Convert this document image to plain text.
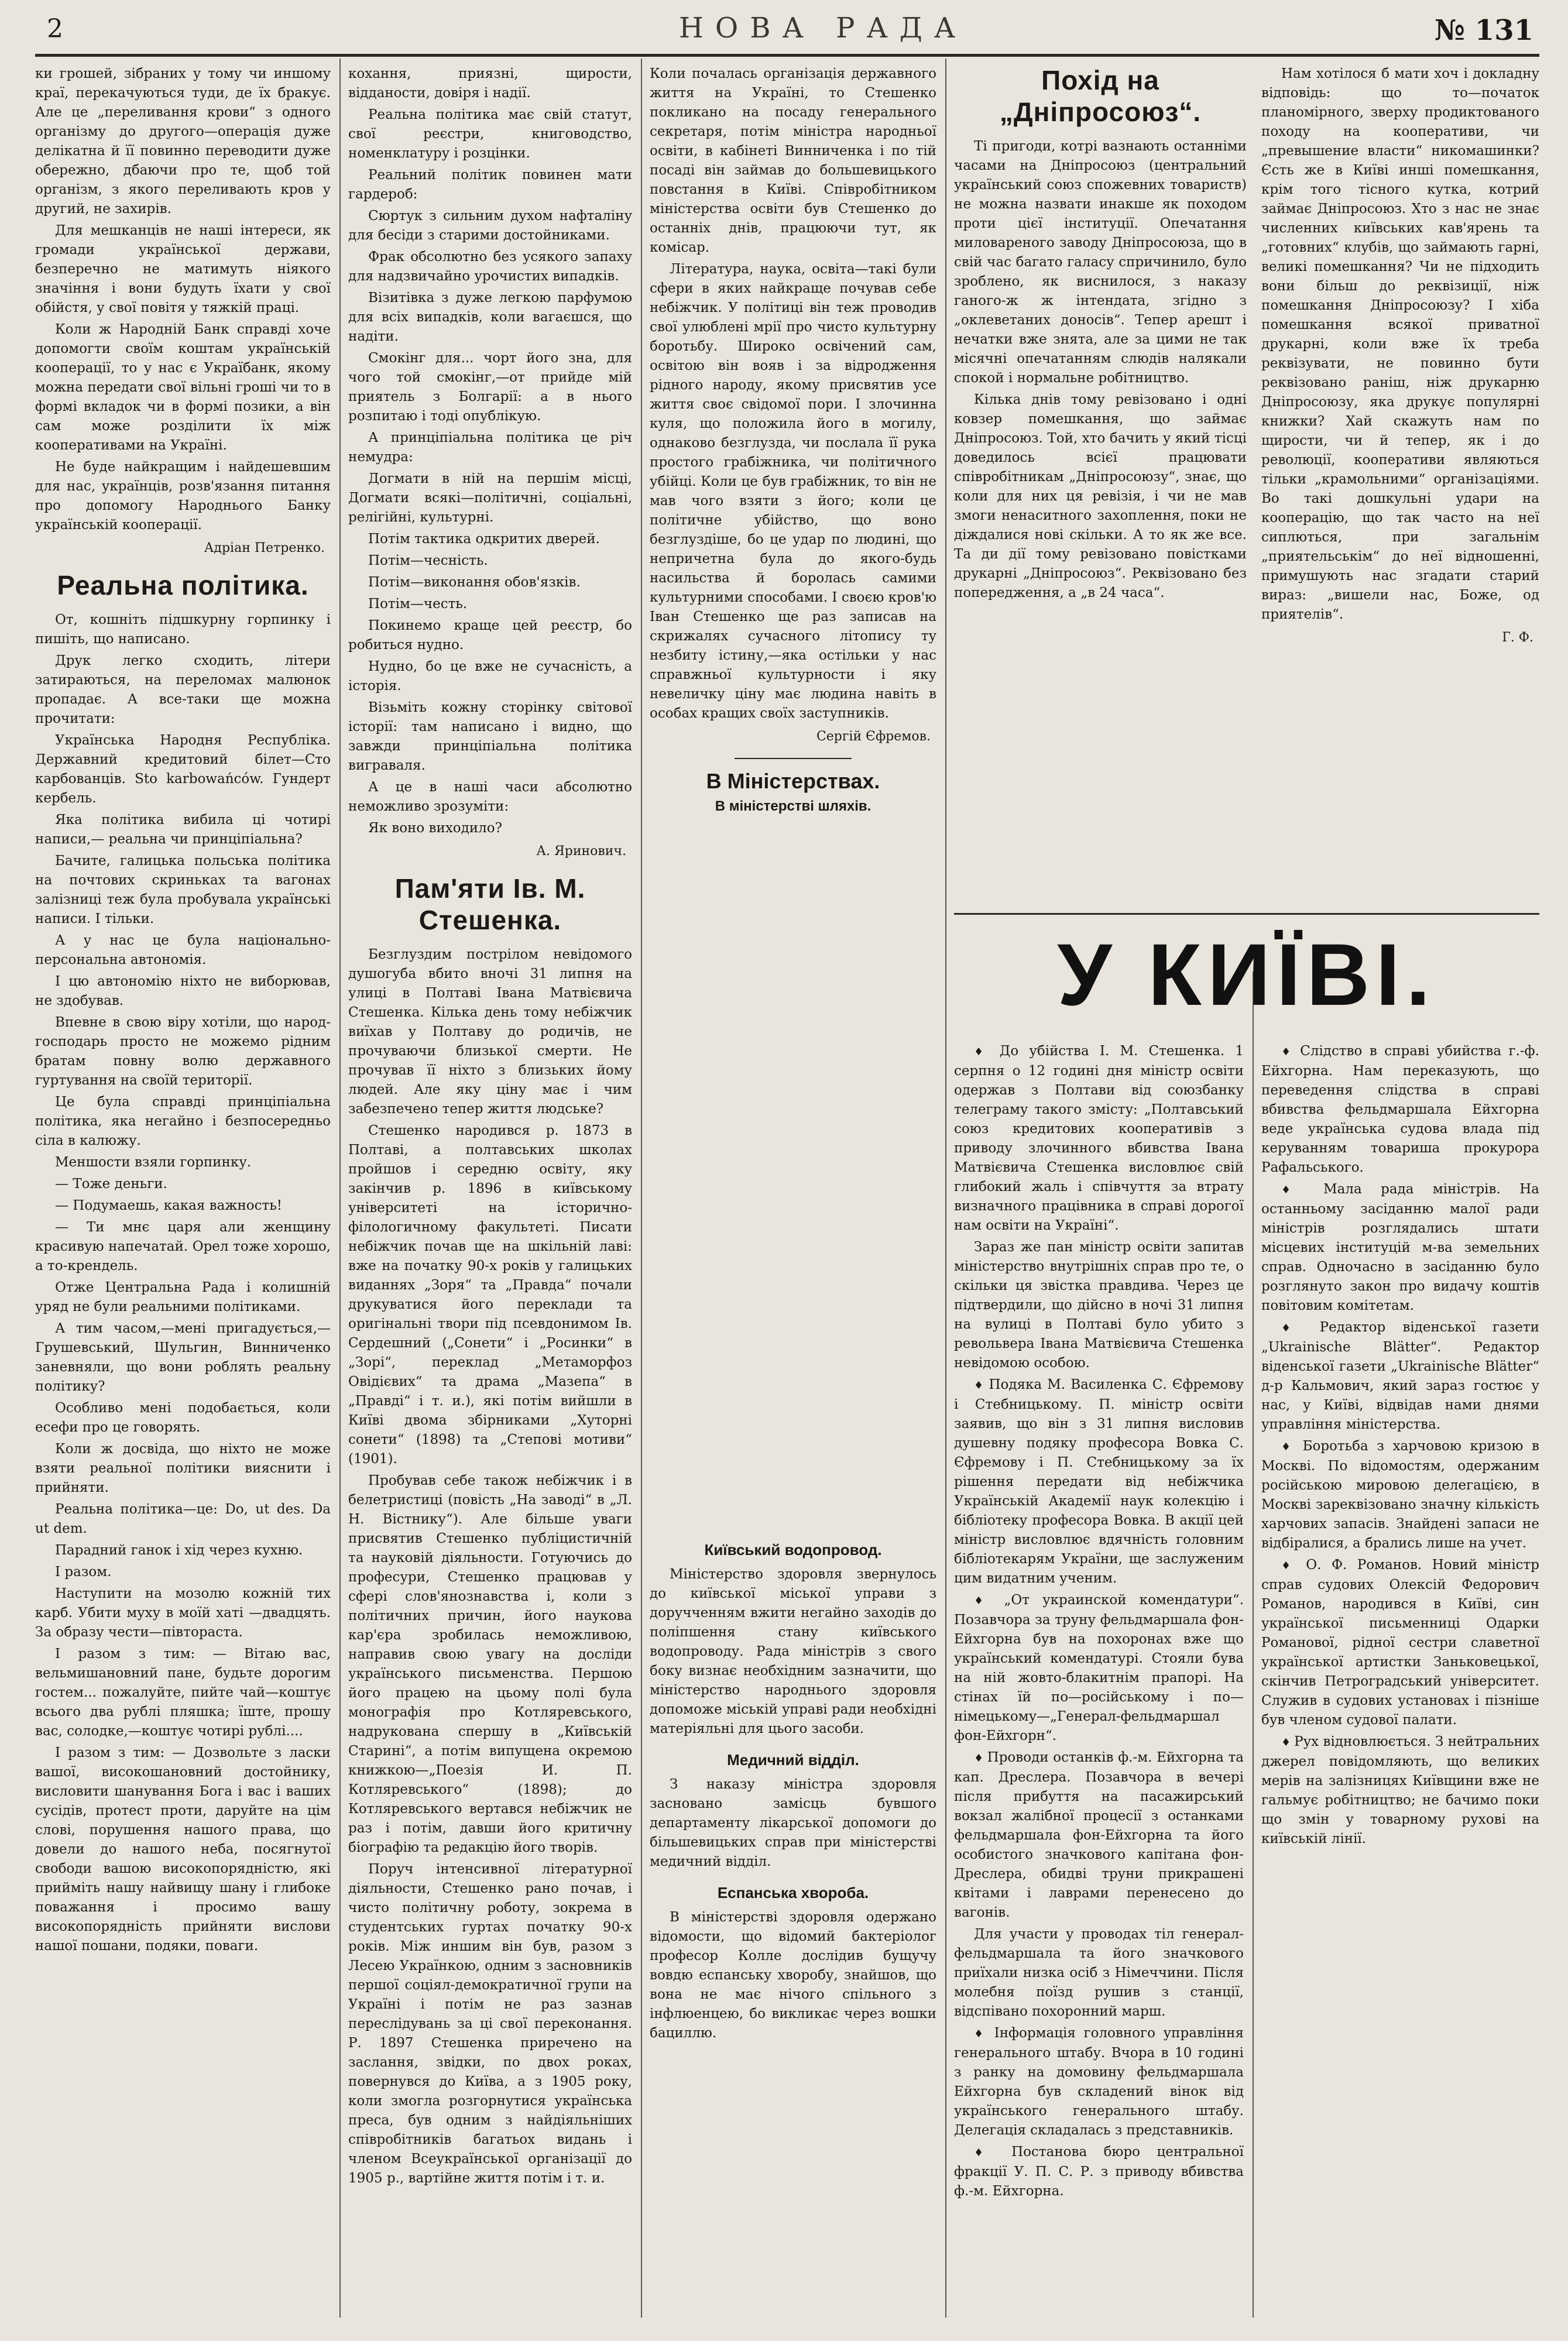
2	НОВА РАДА	№ 131

ки грошей, зібраних у тому чи иншому краї, перекачуються туди, де їх бракує. Але це „переливання крови“ з одного організму до другого—операція дуже делікатна й її повинно переводити дуже обережно, дбаючи про те, щоб той організм, з якого переливають кров у другий, не захирів.

Для мешканців не наші інтереси, як громади української держави, безперечно не матимуть ніякого значіння і вони будуть їхати у свої обійстя, у свої повітя у тяжкій праці.

Коли ж Народній Банк справді хоче допомогти своїм коштам українській кооперації, то у нас є Україбанк, якому можна передати свої вільні гроші чи то в формі вкладок чи в формі позики, а він сам може розділити їх між кооперативами на Україні.

Не буде найкращим і найдешевшим для нас, українців, розв'язання питання про допомогу Народнього Банку українській кооперації.

Адріан Петренко.
Реальна політика.

От, кошніть підшкурну горпинку і пишіть, що написано.

Друк легко сходить, літери затираються, на переломах малюнок пропадає. А все-таки ще можна прочитати:

Українська Народня Республіка. Державний кредитовий білет—Сто карбованців. Sto karbowańców. Гундерт кербель.

Яка політика вибила ці чотирі написи,— реальна чи принціпіальна?

Бачите, галицька польська політика на почтових скриньках та вагонах залізниці теж була пробувала українські написи. І тільки.

А у нас це була національно-персональна автономія.

І цю автономію ніхто не виборював, не здобував.

Впевне в свою віру хотіли, що народ-господарь просто не можемо рідним братам повну волю державного гуртування на своїй території.

Це була справді принціпіальна політика, яка негайно і безпосередньо сіла в калюжу.

Меншости взяли горпинку.

— Тоже деньги.

— Подумаешь, какая важность!

— Ти мнє царя али женщину красивую напечатай. Орел тоже хорошо, а то-крендель.

Отже Центральна Рада і колишній уряд не були реальними політиками.

А тим часом,—мені пригадується,—Грушевський, Шульгин, Винниченко заневняли, що вони роблять реальну політику?

Особливо мені подобається, коли есефи про це говорять.

Коли ж досвіда, що ніхто не може взяти реальної політики вияснити і прийняти.

Реальна політика—це: Do, ut des. Da ut dem.

Парадний ганок і хід через кухню.

І разом.

Наступити на мозолю кожній тих карб. Убити муху в моїй хаті —двадцять. За образу чести—півтораста.

І разом з тим: — Вітаю вас, вельмишановний пане, будьте дорогим гостем... пожалуйте, пийте чай—коштує всього два рублі пляшка; їште, прошу вас, солодке,—коштує чотирі рублі....

І разом з тим: — Дозвольте з ласки вашої, високошановний достойнику, висловити шанування Бога і вас і ваших сусідів, протест проти, даруйте на цім слові, порушення нашого права, що довели до нашого неба, посягнутої свободи вашою високопорядністю, які прийміть нашу найвищу шану і глибоке поважання і просимо вашу високопорядність прийняти вислови нашої пошани, подяки, поваги.

кохання, приязні, щирости, відданости, довіря і надії.

Реальна політика має свій статут, свої реєстри, книговодство, номенклатуру і розцінки.

Реальний політик повинен мати гардероб:

Сюртук з сильним духом нафталіну для бесіди з старими достойниками.

Фрак обсолютно без усякого запаху для надзвичайно урочистих випадків.

Візитівка з дуже легкою парфумою для всіх випадків, коли вагаєшся, що надіти.

Смокінг для... чорт його зна, для чого той смокінг,—от прийде мій приятель з Болгарії: а в нього розпитаю і тоді опублікую.

А принціпіальна політика це річ немудра:

Догмати в ній на першім місці, Догмати всякі—політичні, соціальні, релігійні, культурні.

Потім тактика одкритих дверей.

Потім—чесність.

Потім—виконання обов'язків.

Потім—честь.

Покинемо краще цей реєстр, бо робиться нудно.

Нудно, бо це вже не сучасність, а історія.

Візьміть кожну сторінку світової історії: там написано і видно, що завжди принціпіальна політика виграваля.

А це в наші часи абсолютно неможливо зрозуміти:

Як воно виходило?

А. Яринович.
Пам'яти Ів. М. Стешенка.

Безглуздим пострілом невідомого душогуба вбито вночі 31 липня на улиці в Полтаві Івана Матвієвича Стешенка. Кілька день тому небіжчик виїхав у Полтаву до родичів, не прочуваючи близької смерти. Не прочував її ніхто з близьких йому людей. Але яку ціну має і чим забезпечено тепер життя людське?

Стешенко народився р. 1873 в Полтаві, а полтавських школах пройшов і середню освіту, яку закінчив р. 1896 в київському університеті на історично-філологичному факультеті. Писати небіжчик почав ще на шкільній лаві: вже на початку 90-х років у галицьких виданнях „Зоря“ та „Правда“ почали друкуватися його переклади та оригінальні твори під псевдонимом Ів. Сердешний („Сонети“ і „Росинки“ в „Зорі“, переклад „Метаморфоз Овідієвих“ та драма „Мазепа“ в „Правді“ і т. и.), які потім вийшли в Київі двома збірниками „Хуторні сонети“ (1898) та „Степові мотиви“ (1901).

Пробував себе також небіжчик і в белетристиці (повість „На заводі“ в „Л. Н. Вістнику“). Але більше уваги присвятив Стешенко публіцистичній та науковій діяльности. Готуючись до професури, Стешенко працював у сфері слов'янознавства і, коли з політичних причин, його наукова кар'єра зробилась неможливою, направив свою увагу на досліди українського письменства. Першою його працею на цьому полі була монографія про Котляревського, надрукована спершу в „Київській Старині“, а потім випущена окремою книжкою—„Поезія И. П. Котляревського“ (1898); до Котляревського вертався небіжчик не раз і потім, давши його критичну біографію та редакцію його творів.

Поруч інтенсивної літературної діяльности, Стешенко рано почав, і чисто політичну роботу, зокрема в студентських гуртах початку 90-х років. Між иншим він був, разом з Лесею Українкою, одним з засновників першої соціял-демократичної групи на Україні і потім не раз зазнав переслідувань за ці свої переконання. Р. 1897 Стешенка приречено на заслання, звідки, по двох роках, повернувся до Київа, а з 1905 року, коли змогла розгорнутися українська преса, був одним з найдіяльніших співробітників багатьох видань і членом Всеукраїнської організації до 1905 р., вартійне життя потім і т. и.

Коли почалась організація державного життя на Україні, то Стешенко покликано на посаду генерального секретаря, потім міністра народньої освіти, в кабінеті Винниченка і по тій посаді він займав до большевицького повстання в Київі. Співробітником міністерства освіти був Стешенко до останніх днів, працюючи тут, як комісар.

Література, наука, освіта—такі були сфери в яких найкраще почував себе небіжчик. У політиці він теж проводив свої улюблені мрії про чисто культурну боротьбу. Широко освічений сам, освітою він вояв і за відродження рідного народу, якому присвятив усе життя своє свідомої пори. І злочинна куля, що положила його в могилу, однаково безглузда, чи послала її рука простого грабіжника, чи політичного убійці. Коли це був грабіжник, то він не мав чого взяти з його; коли це політичне убійство, що воно безглуздіше, бо це удар по людині, що непричетна була до якого-будь насильства й боролась самими культурними способами. І своєю кров'ю Іван Стешенко ще раз записав на скрижалях сучасного літопису ту незбиту істину,—яка остільки у нас справжньої культурности і яку невеличку ціну має людина навіть в особах кращих своїх заступників.

Сергій Єфремов.
В Міністерствах.
В міністерстві шляхів.
Київський водопровод.

Міністерство здоровля звернулось до київської міської управи з доручченням вжити негайно заходів до поліпшення стану київського водопроводу. Рада міністрів з свого боку визнає необхідним зазначити, що міністерство народнього здоровля допоможе міській управі ради необхідні матеріяльні для цього засоби.

Медичний відділ.

З наказу міністра здоровля засновано замісць бувшого департаменту лікарської допомоги до більшевицьких справ при міністерстві медичний відділ.

Еспанська хвороба.

В міністерстві здоровля одержано відомости, що відомий бактеріолог професор Колле дослідив бущучу вовдю еспанську хворобу, знайшов, що вона не має нічого спільного з інфлюенцею, бо викликає через вошки бациллю.

Похід на „Дніпросоюз“.

Ті пригоди, котрі вазнають останніми часами на Дніпросоюз (центральний український союз спожевних товариств) не можна назвати инакше як походом проти цієї інституції. Опечатання миловареного заводу Дніпросоюза, що в свій час багато галасу спричинило, було зроблено, як виснилося, з наказу ганого-ж ж інтендата, згідно з „оклеветаних доносів“. Тепер арешт і нечатки вже знята, але за цими не так місячні опечатанням слюдів налякали спокой і нормальне робітництво.

Кілька днів тому ревізовано і одні ковзер помешкання, що займає Дніпросоюз. Той, хто бачить у який тісці доведилось всієї працювати співробітникам „Дніпросоюзу“, знає, що коли для них ця ревізія, і чи не мав змоги ненаситного захоплення, поки не діждалися нові скільки. А то як же все. Та ди дії тому ревізовано повістками друкарні „Дніпросоюз“. Реквізовано без попередження, а „в 24 часа“.

Нам хотілося б мати хоч і докладну відповідь: що то—початок планомірного, зверху продиктованого походу на кооперативи, чи „превышение власти“ никомашинки? Єсть же в Київі инші помешкання, крім того тісного кутка, котрий займає Дніпросоюз. Хто з нас не знає численних київських кав'ярень та „готовних“ клубів, що займають гарні, великі помешкання? Чи не підходить вони більш до реквізиції, ніж помешкання Дніпросоюзу? І хіба помешкання всякої приватної друкарні, коли вже їх треба реквізувати, не повинно бути реквізовано раніш, ніж друкарню Дніпросоюзу, яка друкує популярні книжки? Хай скажуть нам по щирости, чи й тепер, як і до революції, кооперативи являються тільки „крамольними“ організаціями. Во такі дошкульні удари на кооперацію, що так часто на неї сиплються, при загальнім „приятельськім“ до неї відношенні, примушують нас згадати старий вираз: „вишели нас, Боже, од приятелів“.

Г. Ф.
У КИЇВІ.

♦ До убійства І. М. Стешенка. 1 серпня о 12 годині дня міністр освіти одержав з Полтави від союзбанку телеграму такого змісту: „Полтавський союз кредитових кооперативів з приводу злочинного вбивства Івана Матвієвича Стешенка висловлює свій глибокий жаль і співчуття за втрату визначного працівника в справі дорогої нам освіти на Україні“.

Зараз же пан міністр освіти запитав міністерство внутрішніх справ про те, о скільки ця звістка правдива. Через це підтвердили, що дійсно в ночі 31 липня на вулиці в Полтаві було убито з револьвера Івана Матвієвича Стешенка невідомою особою.

♦ Подяка М. Василенка С. Єфремову і Стебницькому. П. міністр освіти заявив, що він з 31 липня висловив душевну подяку професора Вовка С. Єфремову і П. Стебницькому за їх рішення передати від небіжчика Українській Академії наук колекцію і бібліотеку професора Вовка. В акції цей міністр висловлює вдячність головним бібліотекарям України, ще заслуженим цим видатним ученим.

♦ „От украинской комендатури“. Позавчора за труну фельдмаршала фон-Ейхгорна був на похоронах вже що український комендатурі. Стояли бува на ній жовто-блакитнім прапорі. На стінах їй по—російському і по—німецькому—„Генерал-фельдмаршал фон-Ейхгорн“.

♦ Проводи останків ф.-м. Ейхгорна та кап. Дреслера. Позавчора в вечері після прибуття на пасажирський вокзал жалібної процесії з останками фельдмаршала фон-Ейхгорна та його особистого значкового капітана фон-Дреслера, обидві труни прикрашені квітами і лаврами перенесено до вагонів.

Для участи у проводах тіл генерал-фельдмаршала та його значкового приїхали низка осіб з Німеччини. Після молебня поїзд рушив з станції, відспівано похоронний марш.

♦ Інформація головного управління генерального штабу. Вчора в 10 годині з ранку на домовину фельдмаршала Ейхгорна був складений вінок від українського генерального штабу. Делегація складалась з представників.

♦ Постанова бюро центральної фракції У. П. С. Р. з приводу вбивства ф.-м. Ейхгорна.

♦ Слідство в справі убийства г.-ф. Ейхгорна. Нам переказують, що переведення слідства в справі вбивства фельдмаршала Ейхгорна веде українська судова влада під керуванням товариша прокурора Рафальського.

♦ Мала рада міністрів. На останньому засіданню малої ради міністрів розглядались штати місцевих інституцій м-ва земельних справ. Одночасно в засіданню було розглянуто закон про видачу коштів повітовим комітетам.

♦ Редактор віденської газети „Ukrainische Blätter“. Редактор віденської газети „Ukrainische Blätter“ д-р Кальмович, який зараз гостює у нас, у Київі, відвідав нами днями управління міністерства.

♦ Боротьба з харчовою кризою в Москві. По відомостям, одержаним російською мировою делегацією, в Москві зареквізовано значну кількість харчових запасів. Знайдені запаси не відбіралися, а брались лише на учет.

♦ О. Ф. Романов. Новий міністр справ судових Олексій Федорович Романов, народився в Київі, син української письменниці Одарки Романової, рідної сестри славетної української артистки Заньковецької, скінчив Петроградський університет. Служив в судових установах і пізніше був членом судової палати.

♦ Рух відновлюється. З нейтральних джерел повідомляють, що великих мерів на залізницях Київщини вже не гальмує робітництво; не бачимо поки що змін у товарному рухові на київській лінії.
